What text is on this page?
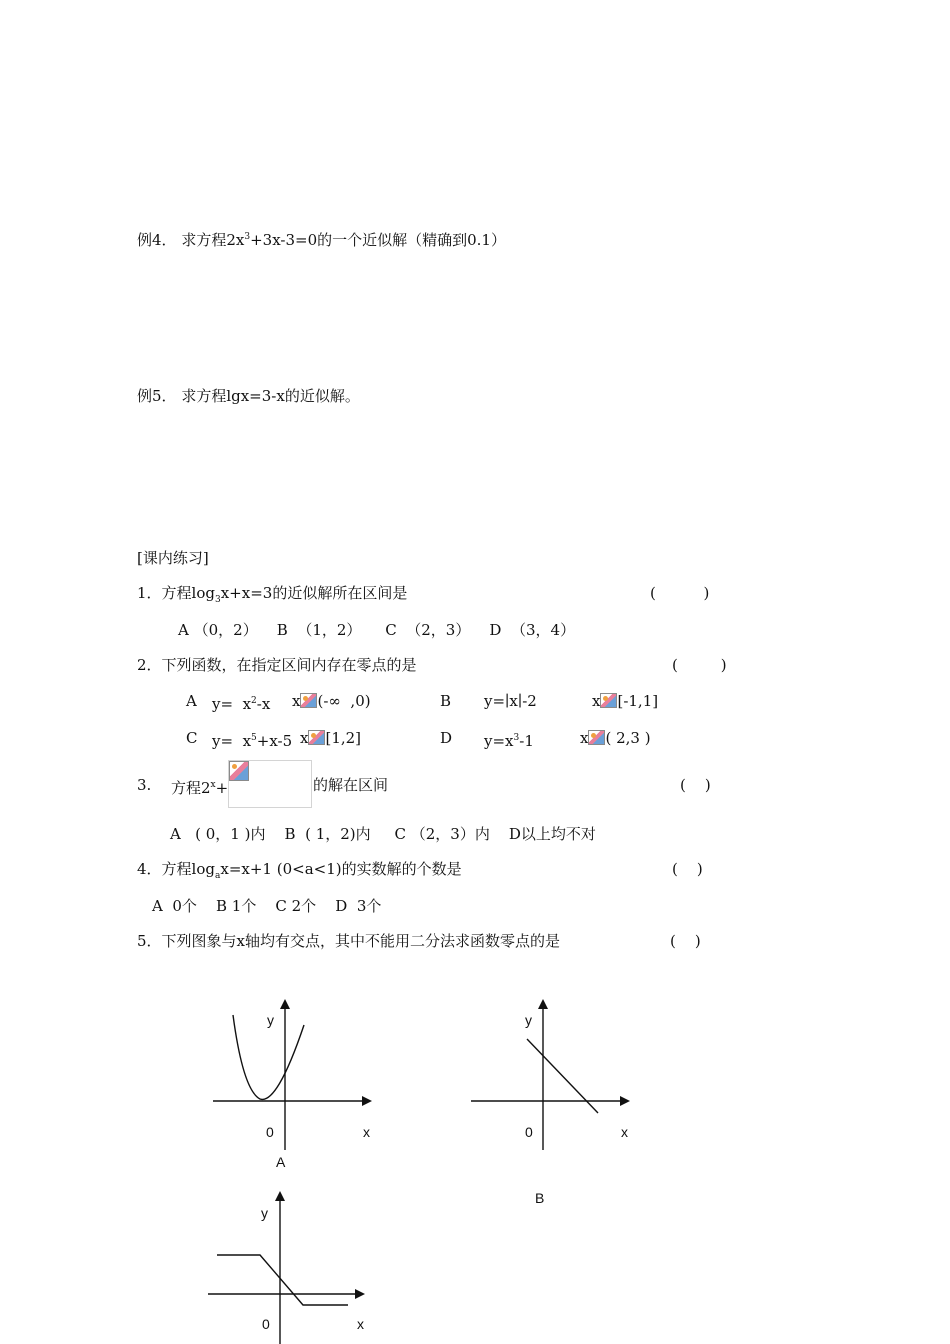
例4． 求方程$2x^3+3x-3=0$的一个近似解（精确到0.1）
例5． 求方程lgx=3-x的近似解。
[课内练习]
1．方程$\log_3x+x=3$的近似解所在区间是	(          )
A （0，2）    B  （1，2）     C  （2，3）    D  （3，4）
2．下列函数，在指定区间内存在零点的是	(         )
A $y= x^2-x$ x (-∞  ,0)	B y=∣x∣-2	x [-1,1]
C $y= x^5+x-5$ x [1,2]	D $y=x^3-1$	x ( 2,3 )
3. 方程$2^x+$	的解在区间	(    )
A   ( 0，1 )内    B  ( 1，2)内     C （2，3）内    D以上均不对
4．方程$\log_ax=x+1$ (0<a<1)的实数解的个数是	(    )
A  0个    B 1个    C 2个    D  3个
5．下列图象与x轴均有交点，其中不能用二分法求函数零点的是	(    )
y
x
0
A
y
x
0
B
y
x
0
